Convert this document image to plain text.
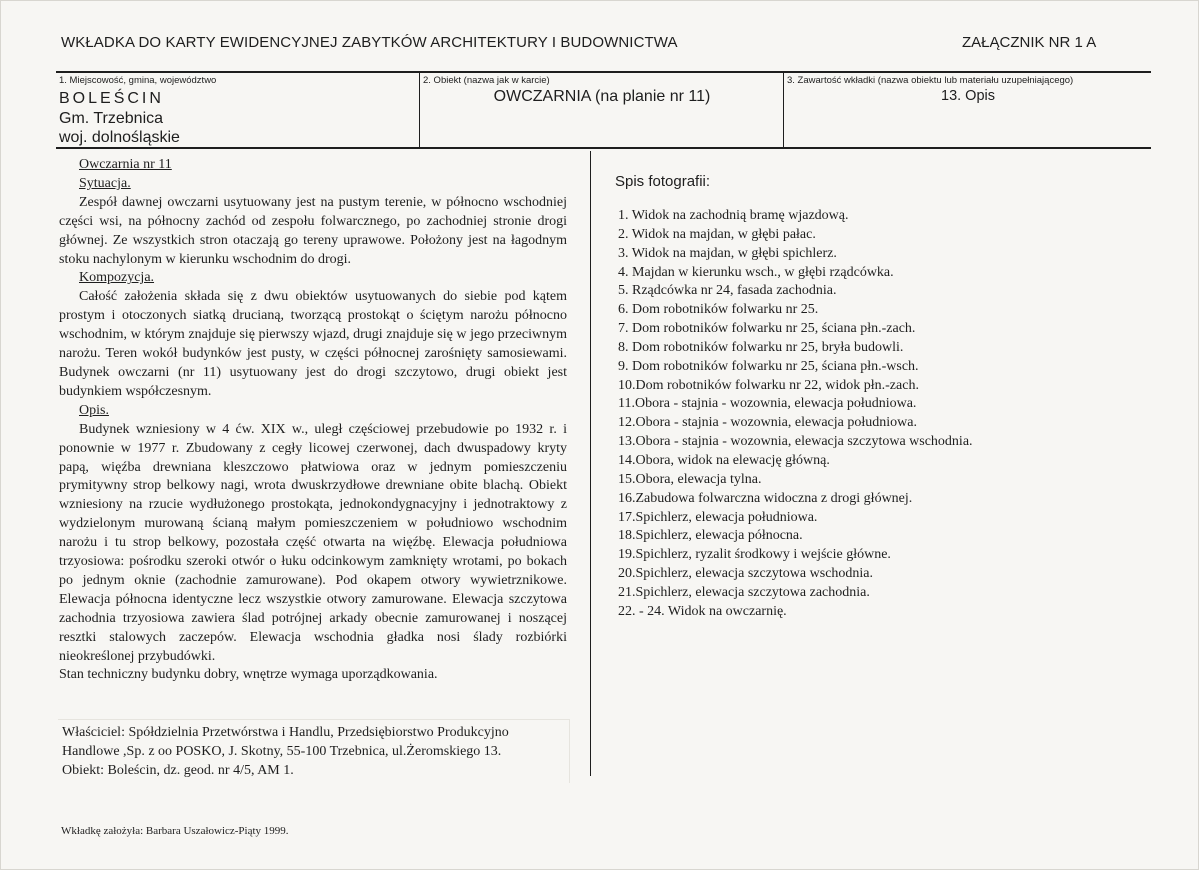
WKŁADKA DO KARTY EWIDENCYJNEJ ZABYTKÓW ARCHITEKTURY I BUDOWNICTWA	ZAŁĄCZNIK NR 1 A
1. Miejscowość, gmina, województwo
BOLEŚCIN
Gm. Trzebnica
woj. dolnośląskie
2. Obiekt (nazwa jak w karcie)
OWCZARNIA (na planie nr 11)
3. Zawartość wkładki (nazwa obiektu lub materiału uzupełniającego)
13. Opis

Owczarnia nr 11

Sytuacja.

Zespół dawnej owczarni usytuowany jest na pustym terenie, w północno wschodniej części wsi, na północny zachód od zespołu folwarcznego, po zachodniej stronie drogi głównej. Ze wszystkich stron otaczają go tereny uprawowe. Położony jest na łagodnym stoku nachylonym w kierunku wschodnim do drogi.

Kompozycja.

Całość założenia składa się z dwu obiektów usytuowanych do siebie pod kątem prostym i otoczonych siatką drucianą, tworzącą prostokąt o ściętym narożu północno wschodnim, w którym znajduje się pierwszy wjazd, drugi znajduje się w jego przeciwnym narożu. Teren wokół budynków jest pusty, w części północnej zarośnięty samosiewami. Budynek owczarni (nr 11) usytuowany jest do drogi szczytowo, drugi obiekt jest budynkiem współczesnym.

Opis.

Budynek wzniesiony w 4 ćw. XIX w., uległ częściowej przebudowie po 1932 r. i ponownie w 1977 r. Zbudowany z cegły licowej czerwonej, dach dwuspadowy kryty papą, więźba drewniana kleszczowo płatwiowa oraz w jednym pomieszczeniu prymitywny strop belkowy nagi, wrota dwuskrzydłowe drewniane obite blachą. Obiekt wzniesiony na rzucie wydłużonego prostokąta, jednokondygnacyjny i jednotraktowy z wydzielonym murowaną ścianą małym pomieszczeniem w południowo wschodnim narożu i tu strop belkowy, pozostała część otwarta na więźbę. Elewacja południowa trzyosiowa: pośrodku szeroki otwór o łuku odcinkowym zamknięty wrotami, po bokach po jednym oknie (zachodnie zamurowane). Pod okapem otwory wywietrznikowe. Elewacja północna identyczne lecz wszystkie otwory zamurowane. Elewacja szczytowa zachodnia trzyosiowa zawiera ślad potrójnej arkady obecnie zamurowanej i noszącej resztki stalowych zaczepów. Elewacja wschodnia gładka nosi ślady rozbiórki nieokreślonej przybudówki.

Stan techniczny budynku dobry, wnętrze wymaga uporządkowania.

Właściciel: Spółdzielnia Przetwórstwa i Handlu, Przedsiębiorstwo Produkcyjno

Handlowe ,Sp. z oo POSKO, J. Skotny, 55-100 Trzebnica, ul.Żeromskiego 13.

Obiekt: Boleścin, dz. geod. nr 4/5, AM 1.

Wkładkę założyła: Barbara Uszałowicz-Piąty 1999.
Spis fotografii:
1. Widok na zachodnią bramę wjazdową.
2. Widok na majdan, w głębi pałac.
3. Widok na majdan, w głębi spichlerz.
4. Majdan w kierunku wsch., w głębi rządcówka.
5. Rządcówka nr 24, fasada zachodnia.
6. Dom robotników folwarku nr 25.
7. Dom robotników folwarku nr 25, ściana płn.-zach.
8. Dom robotników folwarku nr 25, bryła budowli.
9. Dom robotników folwarku nr 25, ściana płn.-wsch.
10.Dom robotników folwarku nr 22, widok płn.-zach.
11.Obora - stajnia - wozownia, elewacja południowa.
12.Obora - stajnia - wozownia, elewacja południowa.
13.Obora - stajnia - wozownia, elewacja szczytowa wschodnia.
14.Obora, widok na elewację główną.
15.Obora, elewacja tylna.
16.Zabudowa folwarczna widoczna z drogi głównej.
17.Spichlerz, elewacja południowa.
18.Spichlerz, elewacja północna.
19.Spichlerz, ryzalit środkowy i wejście główne.
20.Spichlerz, elewacja szczytowa wschodnia.
21.Spichlerz, elewacja szczytowa zachodnia.
22. - 24. Widok na owczarnię.
